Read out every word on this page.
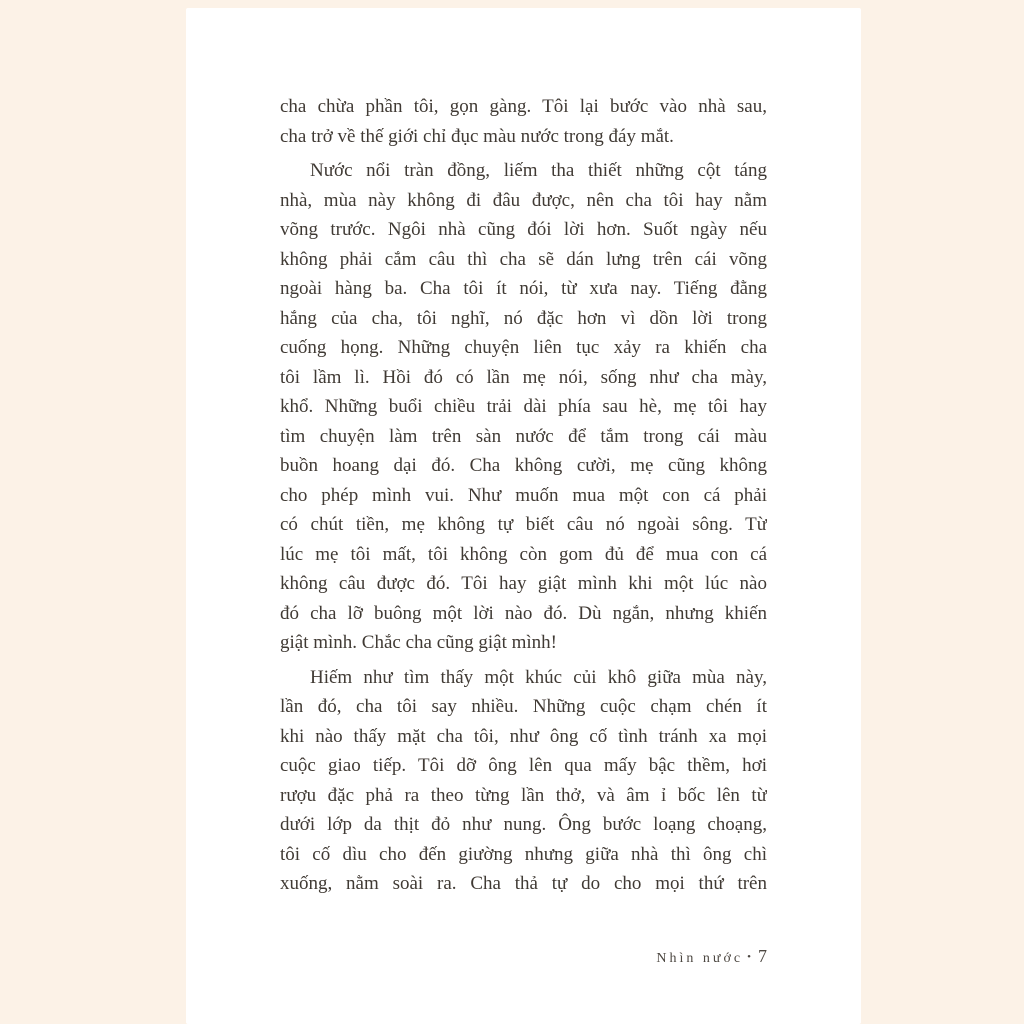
cha chừa phần tôi, gọn gàng. Tôi lại bước vào nhà sau,
cha trở về thế giới chỉ đục màu nước trong đáy mắt.
Nước nổi tràn đồng, liếm tha thiết những cột táng
nhà, mùa này không đi đâu được, nên cha tôi hay nằm
võng trước. Ngôi nhà cũng đói lời hơn. Suốt ngày nếu
không phải cắm câu thì cha sẽ dán lưng trên cái võng
ngoài hàng ba. Cha tôi ít nói, từ xưa nay. Tiếng đằng
hắng của cha, tôi nghĩ, nó đặc hơn vì dồn lời trong
cuống họng. Những chuyện liên tục xảy ra khiến cha
tôi lầm lì. Hồi đó có lần mẹ nói, sống như cha mày,
khổ. Những buổi chiều trải dài phía sau hè, mẹ tôi hay
tìm chuyện làm trên sàn nước để tắm trong cái màu
buồn hoang dại đó. Cha không cười, mẹ cũng không
cho phép mình vui. Như muốn mua một con cá phải
có chút tiền, mẹ không tự biết câu nó ngoài sông. Từ
lúc mẹ tôi mất, tôi không còn gom đủ để mua con cá
không câu được đó. Tôi hay giật mình khi một lúc nào
đó cha lỡ buông một lời nào đó. Dù ngắn, nhưng khiến
giật mình. Chắc cha cũng giật mình!
Hiếm như tìm thấy một khúc củi khô giữa mùa này,
lần đó, cha tôi say nhiều. Những cuộc chạm chén ít
khi nào thấy mặt cha tôi, như ông cố tình tránh xa mọi
cuộc giao tiếp. Tôi dỡ ông lên qua mấy bậc thềm, hơi
rượu đặc phả ra theo từng lần thở, và âm ỉ bốc lên từ
dưới lớp da thịt đỏ như nung. Ông bước loạng choạng,
tôi cố dìu cho đến giường nhưng giữa nhà thì ông chì
xuống, nằm soài ra. Cha thả tự do cho mọi thứ trên
Nhìn nước • 7
